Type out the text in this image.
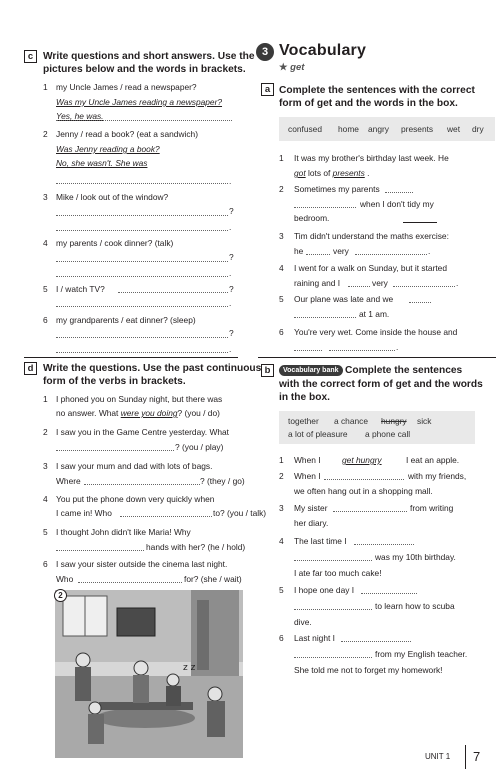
c Write questions and short answers. Use the
pictures below and the words in brackets.
1 my Uncle James / read a newspaper?
Was my Uncle James reading a newspaper?
Yes, he was.
2 Jenny / read a book? (eat a sandwich)
Was Jenny reading a book?
No, she wasn't. She was
.
3 Mike / look out of the window?
?
.
4 my parents / cook dinner? (talk)
?
.
5 I / watch TV?	?
.
6 my grandparents / eat dinner? (sleep)
?
.
d Write the questions. Use the past continuous
form of the verbs in brackets.
1 I phoned you on Sunday night, but there was
no answer. What were you doing? (you / do)
2 I saw you in the Game Centre yesterday. What
? (you / play)
3 I saw your mum and dad with lots of bags.
Where	? (they / go)
4 You put the phone down very quickly when
I came in! Who	to? (you / talk)
5 I thought John didn't like Maria! Why
hands with her? (he / hold)
6 I saw your sister outside the cinema last night.
Who	for? (she / wait)
z z
2
3 Vocabulary
★ get
a Complete the sentences with the correct
form of get and the words in the box.
confused home angry presents wet dry
1 It was my brother's birthday last week. He
got lots of presents .
2 Sometimes my parents
when I don't tidy my
bedroom.
3 Tim didn't understand the maths exercise:
he	very	.
4 I went for a walk on Sunday, but it started
raining and I	very	.
5 Our plane was late and we
at 1 am.
6 You're very wet. Come inside the house and
.
b	Vocabulary bank Complete the sentences
with the correct form of get and the words
in the box.
together a chance hungry sick
a lot of pleasure a phone call
1 When I	get hungry	I eat an apple.
2 When I	with my friends,
we often hang out in a shopping mall.
3 My sister	from writing
her diary.
4 The last time I
was my 10th birthday.
I ate far too much cake!
5 I hope one day I
to learn how to scuba
dive.
6 Last night I
from my English teacher.
She told me not to forget my homework!
UNIT 1 7
